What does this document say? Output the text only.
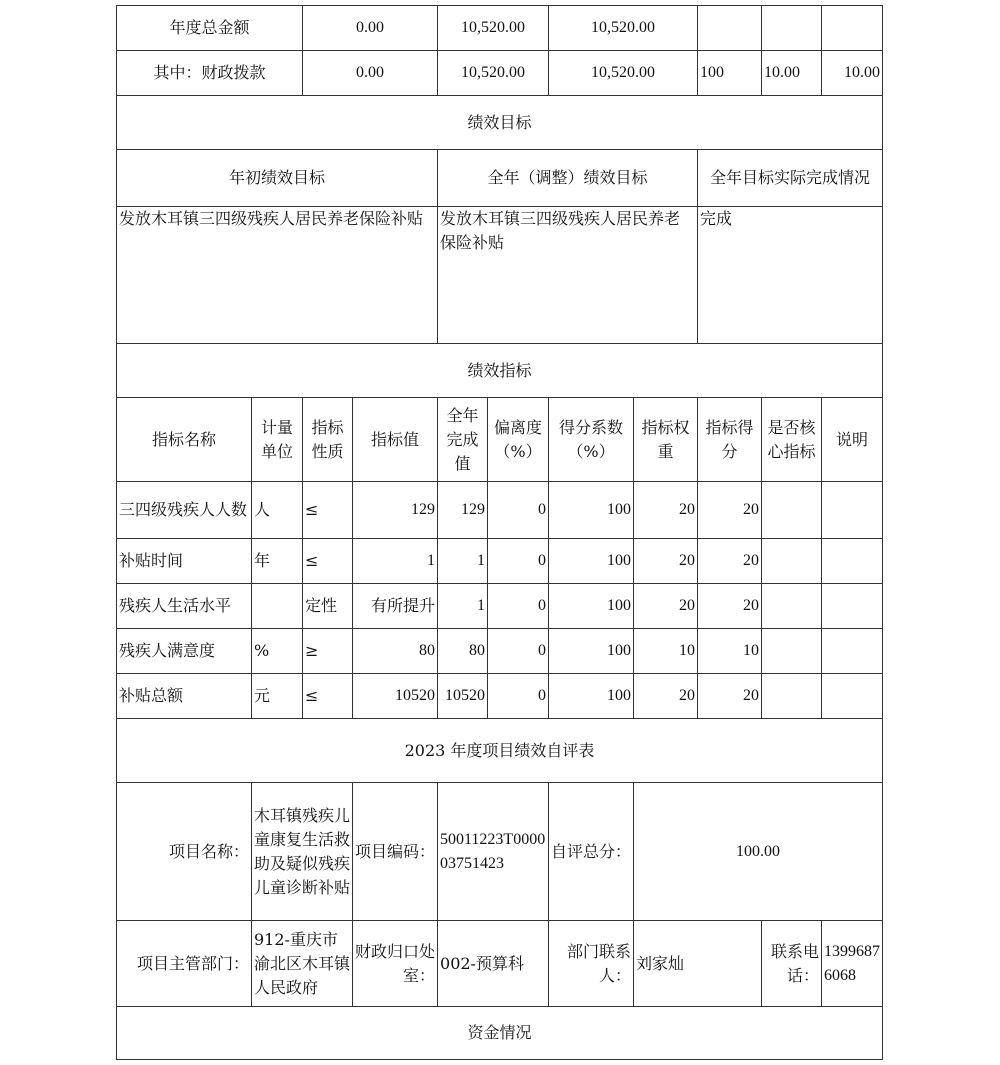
年度总金额		0.00		10,520.00		10,520.00				
其中：财政拨款		0.00		10,520.00		10,520.00		100	10.00	10.00
绩效目标										
年初绩效目标				全年（调整）绩效目标				全年目标实际完成情况		
发放木耳镇三四级残疾人居民养老保险补贴				发放木耳镇三四级残疾人居民养老保险补贴				完成		
绩效指标										
指标名称	计量单位	指标性质	指标值	全年完成值	偏离度（%）	得分系数（%）	指标权重	指标得分	是否核心指标	说明
三四级残疾人人数	人	≤	129	129	0	100	20	20		
补贴时间	年	≤	1	1	0	100	20	20		
残疾人生活水平		定性	有所提升	1	0	100	20	20		
残疾人满意度	%	≥	80	80	0	100	10	10		
补贴总额	元	≤	10520	10520	0	100	20	20		
2023 年度项目绩效自评表										
项目名称：	木耳镇残疾儿童康复生活救助及疑似残疾儿童诊断补贴		项目编码：	50011223T000003751423		自评总分：	100.00			
项目主管部门：	912-重庆市渝北区木耳镇人民政府		财政归口处室：	002-预算科		部门联系人：	刘家灿		联系电话：	13996876068
资金情况										
